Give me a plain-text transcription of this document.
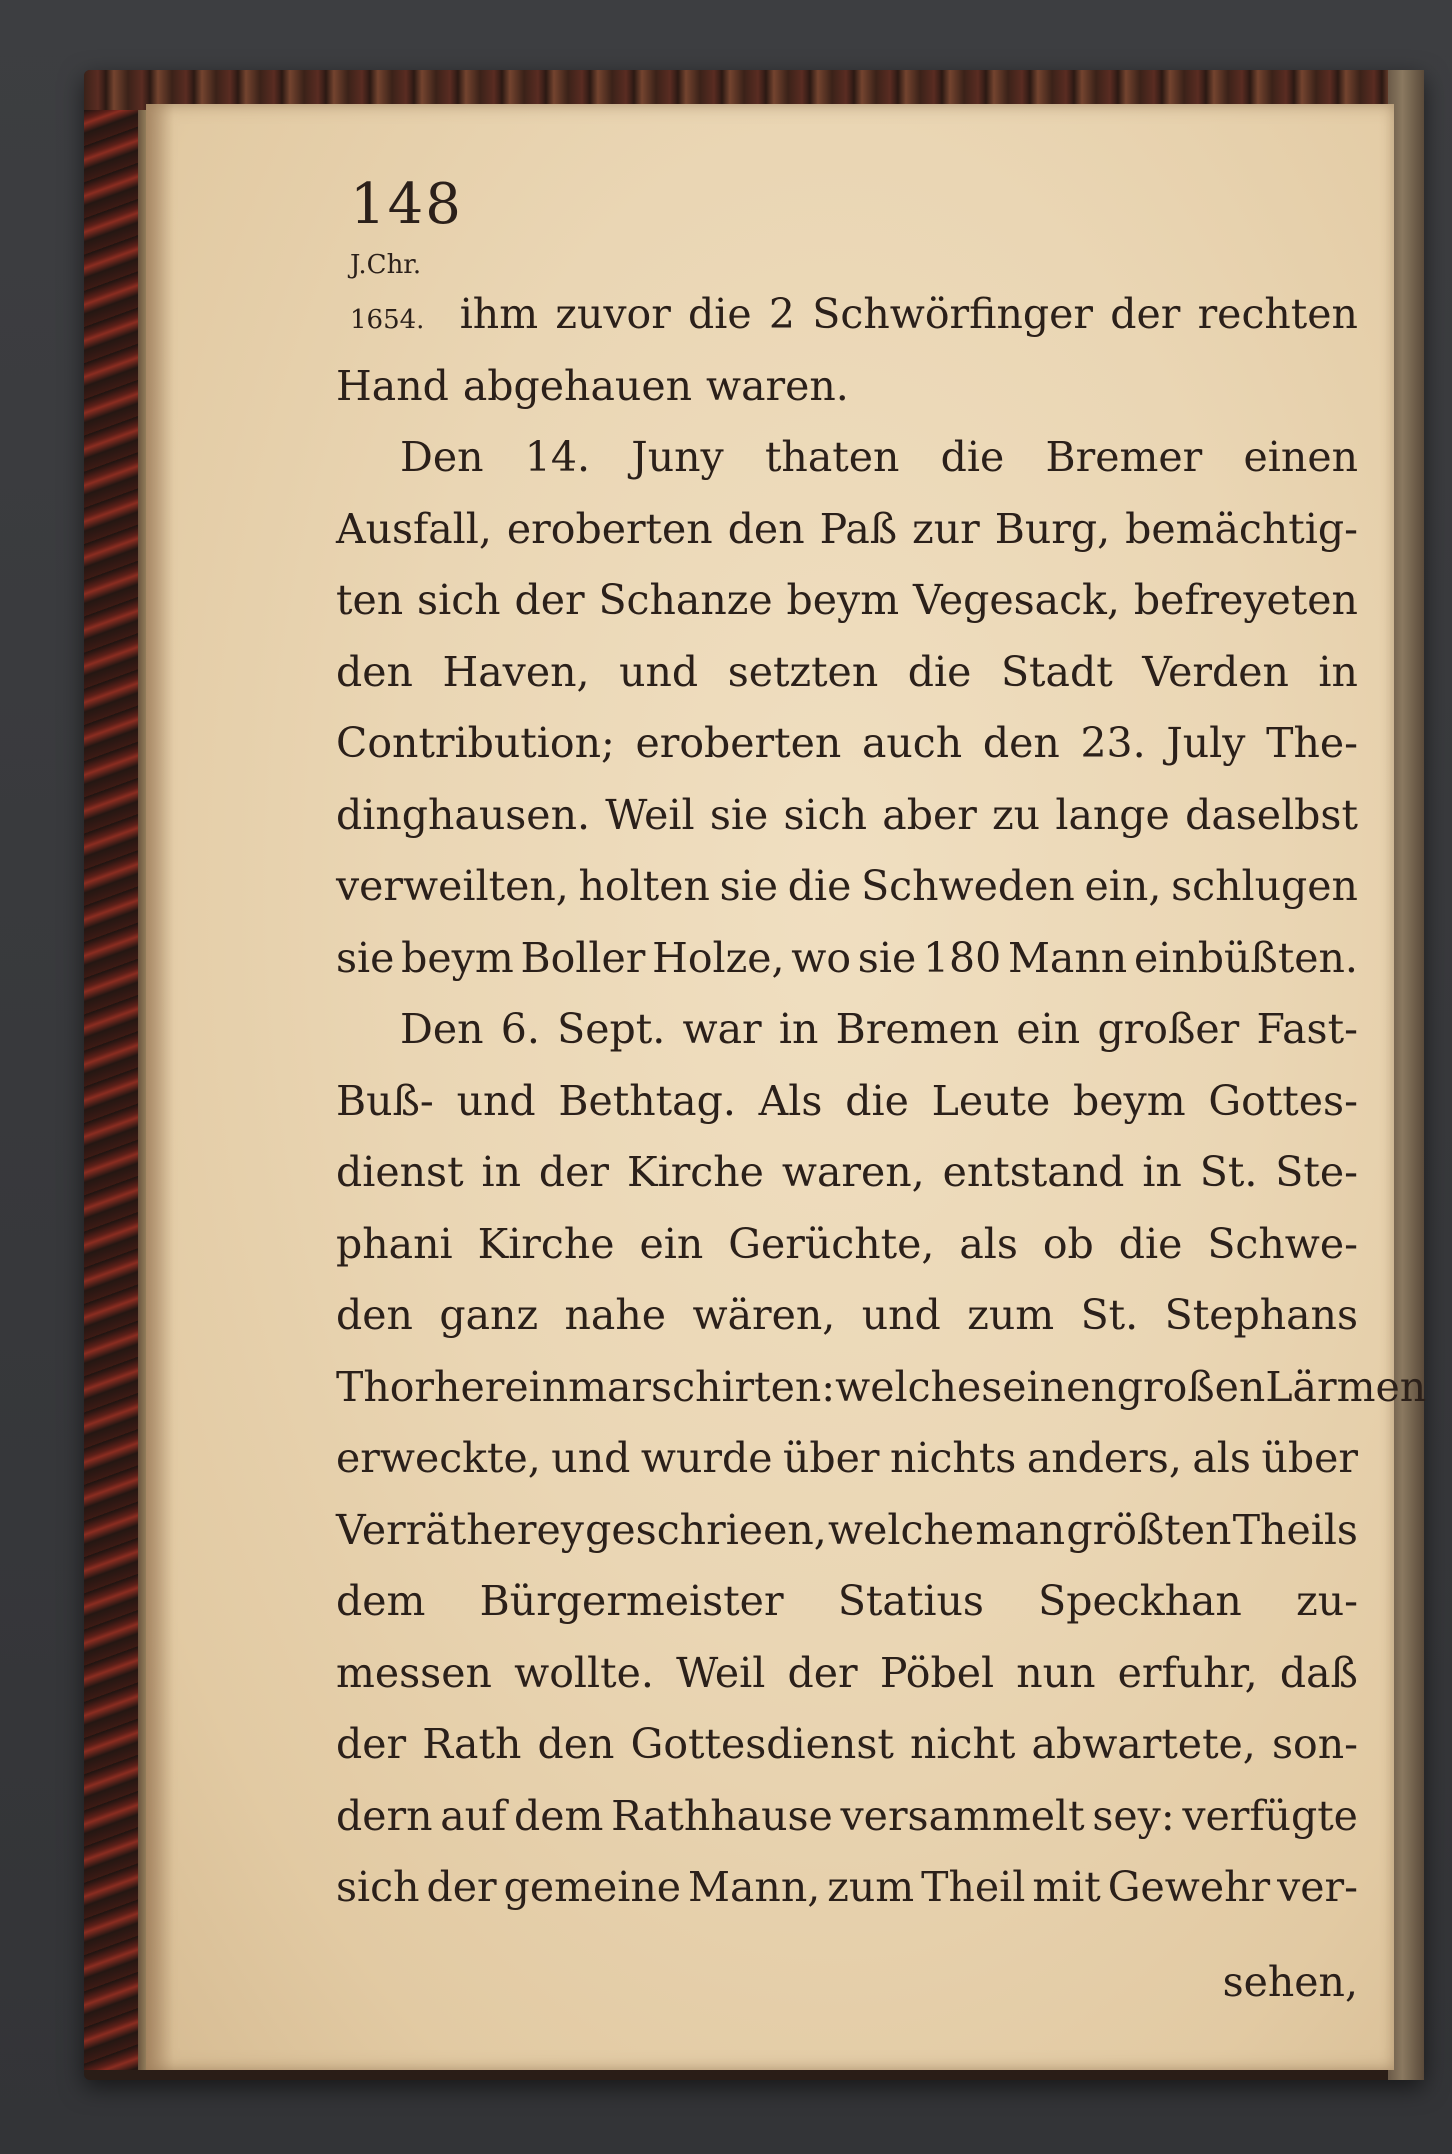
148
J.Chr.
1654. ihm zuvor die 2 Schwörfinger der rechten
Hand abgehauen waren.
Den 14. Juny thaten die Bremer einen
Ausfall, eroberten den Paß zur Burg, bemächtig-
ten sich der Schanze beym Vegesack, befreyeten
den Haven, und setzten die Stadt Verden in
Contribution; eroberten auch den 23. July The-
dinghausen. Weil sie sich aber zu lange daselbst
verweilten, holten sie die Schweden ein, schlugen
sie beym Boller Holze, wo sie 180 Mann einbüßten.
Den 6. Sept. war in Bremen ein großer Fast-
Buß- und Bethtag. Als die Leute beym Gottes-
dienst in der Kirche waren, entstand in St. Ste-
phani Kirche ein Gerüchte, als ob die Schwe-
den ganz nahe wären, und zum St. Stephans
Thor herein marschirten: welches einen großen Lärmen
erweckte, und wurde über nichts anders, als über
Verrätherey geschrieen, welche man größten Theils
dem Bürgermeister Statius Speckhan zu-
messen wollte. Weil der Pöbel nun erfuhr, daß
der Rath den Gottesdienst nicht abwartete, son-
dern auf dem Rathhause versammelt sey: verfügte
sich der gemeine Mann, zum Theil mit Gewehr ver-
sehen,
